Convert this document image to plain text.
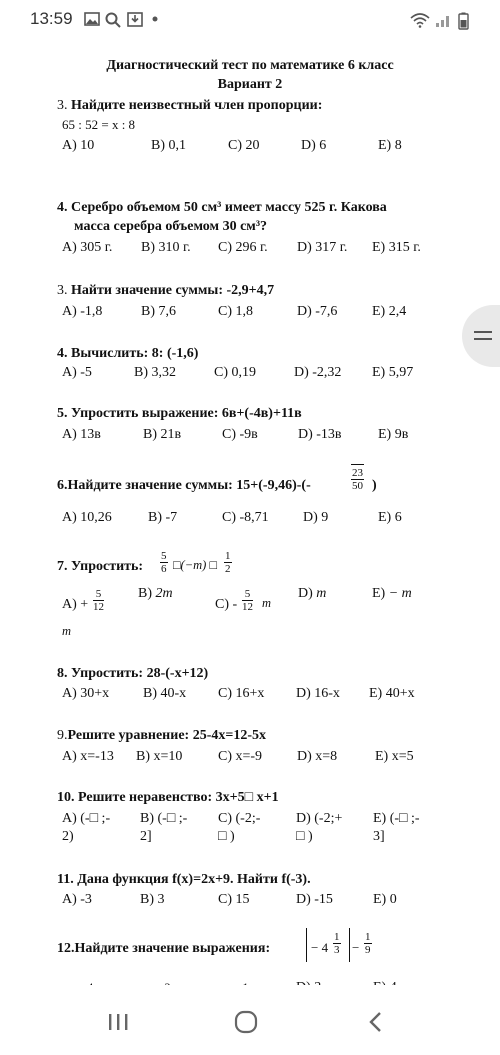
13:59
Диагностический тест по математике 6 класс
Вариант 2
3. Найдите неизвестный член пропорции:
65 : 52 = x : 8
A) 10	B) 0,1	C) 20	D) 6	E) 8
4. Серебро объемом 50 см³ имеет массу 525 г. Какова
масса серебра объемом 30 см³?
A) 305 г. B) 310 г. C) 296 г. D) 317 г. E) 315 г.
3. Найти значение суммы: -2,9+4,7
A) -1,8	B) 7,6	C) 1,8	D) -7,6 E) 2,4
4. Вычислить: 8: (-1,6)
A) -5	B) 3,32	C) 0,19	D) -2,32 E) 5,97
5. Упростить выражение: 6в+(-4в)+11в
A) 13в	B) 21в	C) -9в	D) -13в	E) 9в
6.Найдите значение суммы: 15+(-9,46)-(-	$\frac{23}{50}$ )
A) 10,26	B) -7	C) -8,71 D) 9	E) 6
7. Упростить: $\frac{5}{6}$ □(−m) □ $\frac{1}{2}$
$A) + \frac{5}{12}$
m
B) 2m
$C) - \frac{5}{12}$ m
D) m	E) − m
8. Упростить: 28-(-x+12)
A) 30+x B) 40-x C) 16+x D) 16-x E) 40+x
9.Решите уравнение: 25-4x=12-5x
A) x=-13 B) x=10	C) x=-9 D) x=8	E) x=5
10. Решите неравенство: 3x+5□ x+1
A) (-□ ;- B) (-□ ;- C) (-2;-	D) (-2;+ E) (-□ ;-
2)	2]	□ )	□ )	3]
11. Дана функция f(x)=2x+9. Найти f(-3).
A) -3	B) 3	C) 15	D) -15	E) 0
12.Найдите значение выражения:	− $4 \frac{1}{3} - \frac{1}{9}$
